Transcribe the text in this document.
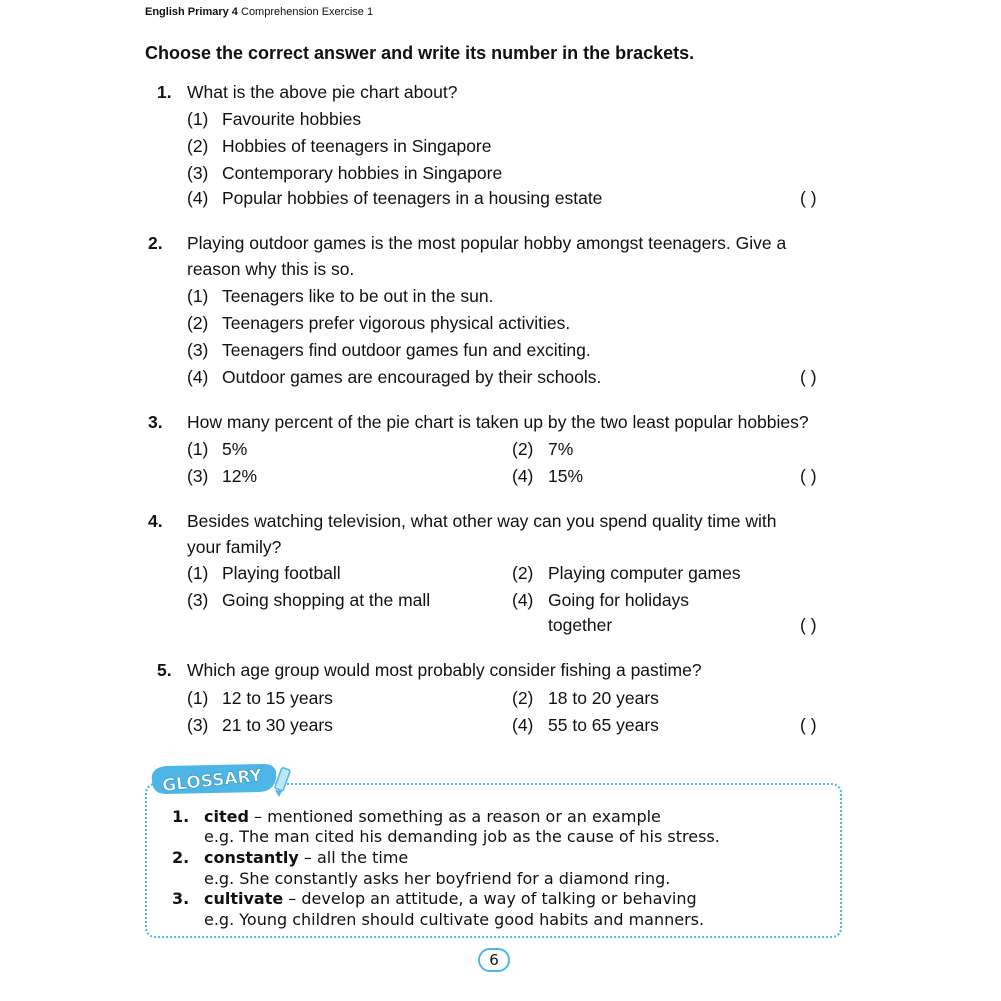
English Primary 4 Comprehension Exercise 1
Choose the correct answer and write its number in the brackets.
1. What is the above pie chart about?
(1) Favourite hobbies
(2) Hobbies of teenagers in Singapore
(3) Contemporary hobbies in Singapore
(4) Popular hobbies of teenagers in a housing estate	( )
2. Playing outdoor games is the most popular hobby amongst teenagers. Give a
reason why this is so.
(1) Teenagers like to be out in the sun.
(2) Teenagers prefer vigorous physical activities.
(3) Teenagers find outdoor games fun and exciting.
(4) Outdoor games are encouraged by their schools.	( )
3. How many percent of the pie chart is taken up by the two least popular hobbies?
(1) 5%	(2) 7%
(3) 12%	(4) 15%	( )
4. Besides watching television, what other way can you spend quality time with
your family?
(1) Playing football	(2) Playing computer games
(3) Going shopping at the mall	(4) Going for holidays
together	( )
5. Which age group would most probably consider fishing a pastime?
(1) 12 to 15 years	(2) 18 to 20 years
(3) 21 to 30 years	(4) 55 to 65 years	( )
GLOSSARY
1. cited – mentioned something as a reason or an example
e.g. The man cited his demanding job as the cause of his stress.
2. constantly – all the time
e.g. She constantly asks her boyfriend for a diamond ring.
3. cultivate – develop an attitude, a way of talking or behaving
e.g. Young children should cultivate good habits and manners.
6
